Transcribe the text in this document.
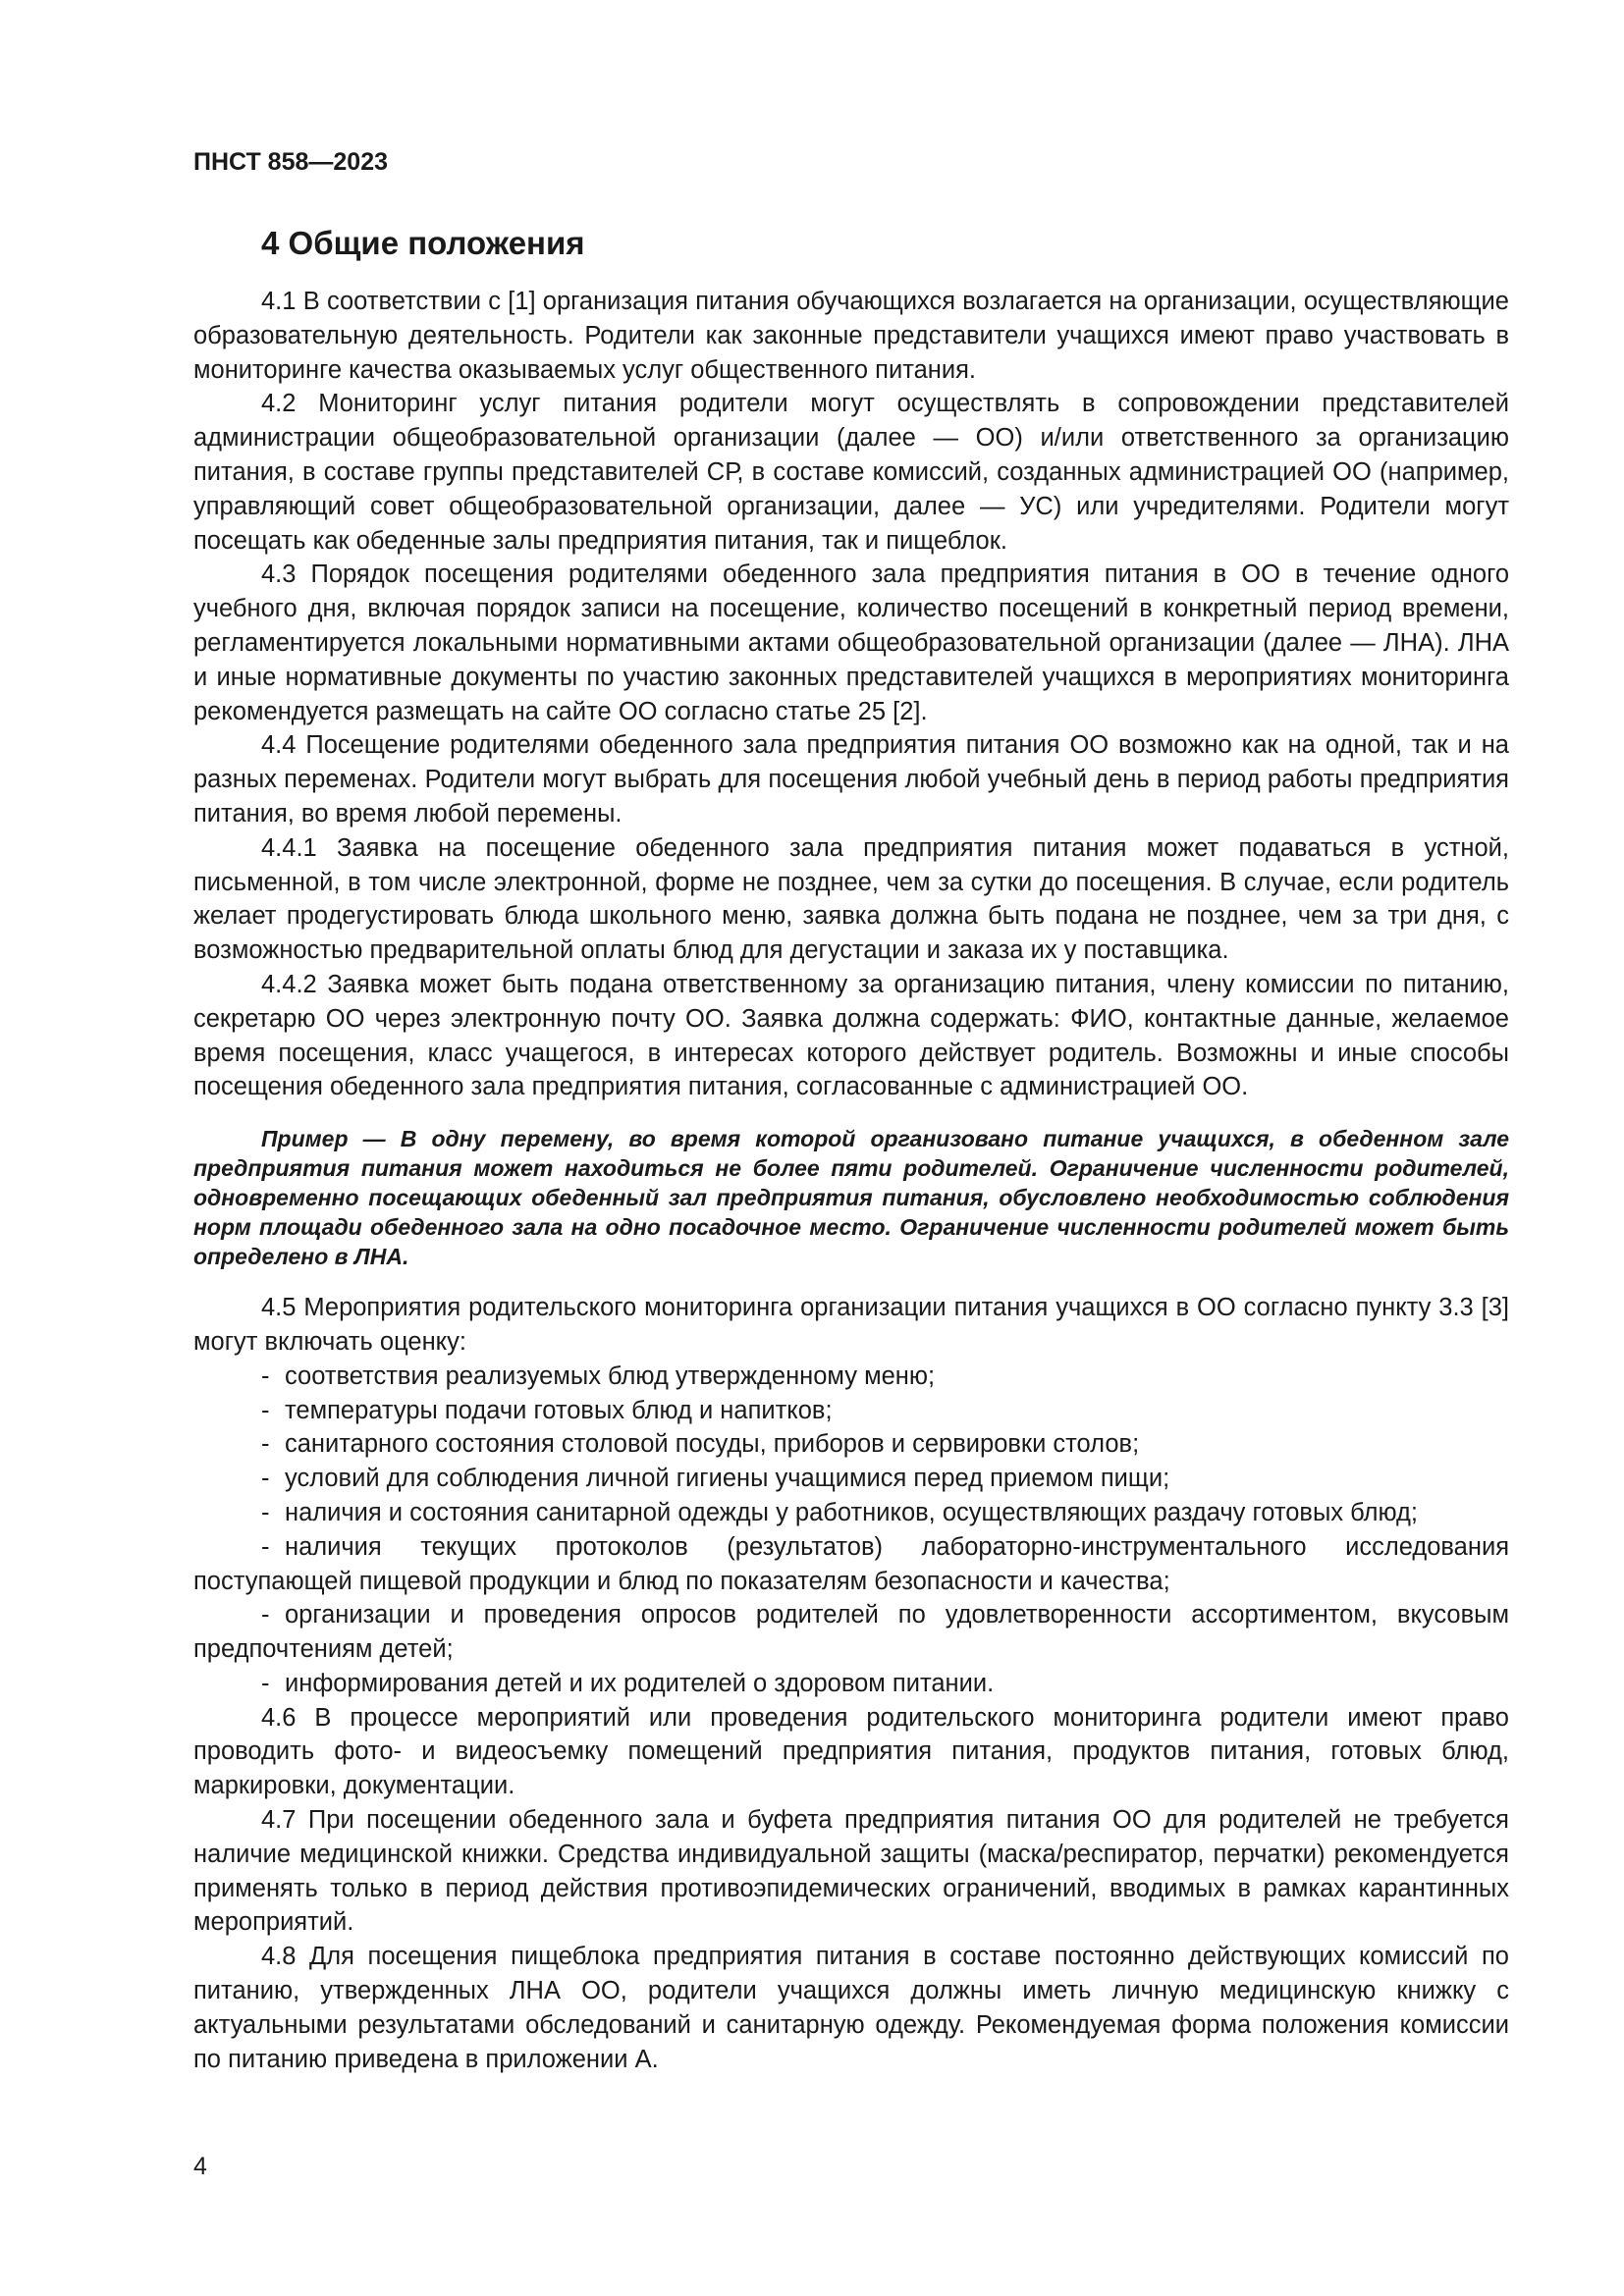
ПНСТ 858—2023

4 Общие положения

4.1 В соответствии с [1] организация питания обучающихся возлагается на организации, осуществляющие образовательную деятельность. Родители как законные представители учащихся имеют право участвовать в мониторинге качества оказываемых услуг общественного питания.

4.2 Мониторинг услуг питания родители могут осуществлять в сопровождении представителей администрации общеобразовательной организации (далее — ОО) и/или ответственного за организацию питания, в составе группы представителей СР, в составе комиссий, созданных администрацией ОО (например, управляющий совет общеобразовательной организации, далее — УС) или учредителями. Родители могут посещать как обеденные залы предприятия питания, так и пищеблок.

4.3 Порядок посещения родителями обеденного зала предприятия питания в ОО в течение одного учебного дня, включая порядок записи на посещение, количество посещений в конкретный период времени, регламентируется локальными нормативными актами общеобразовательной организации (далее — ЛНА). ЛНА и иные нормативные документы по участию законных представителей учащихся в мероприятиях мониторинга рекомендуется размещать на сайте ОО согласно статье 25 [2].

4.4 Посещение родителями обеденного зала предприятия питания ОО возможно как на одной, так и на разных переменах. Родители могут выбрать для посещения любой учебный день в период работы предприятия питания, во время любой перемены.

4.4.1 Заявка на посещение обеденного зала предприятия питания может подаваться в устной, письменной, в том числе электронной, форме не позднее, чем за сутки до посещения. В случае, если родитель желает продегустировать блюда школьного меню, заявка должна быть подана не позднее, чем за три дня, с возможностью предварительной оплаты блюд для дегустации и заказа их у поставщика.

4.4.2 Заявка может быть подана ответственному за организацию питания, члену комиссии по питанию, секретарю ОО через электронную почту ОО. Заявка должна содержать: ФИО, контактные данные, желаемое время посещения, класс учащегося, в интересах которого действует родитель. Возможны и иные способы посещения обеденного зала предприятия питания, согласованные с администрацией ОО.

Пример — В одну перемену, во время которой организовано питание учащихся, в обеденном зале предприятия питания может находиться не более пяти родителей. Ограничение численности родителей, одновременно посещающих обеденный зал предприятия питания, обусловлено необходимостью соблюдения норм площади обеденного зала на одно посадочное место. Ограничение численности родителей может быть определено в ЛНА.

4.5 Мероприятия родительского мониторинга организации питания учащихся в ОО согласно пункту 3.3 [3] могут включать оценку:

- соответствия реализуемых блюд утвержденному меню;
- температуры подачи готовых блюд и напитков;
- санитарного состояния столовой посуды, приборов и сервировки столов;
- условий для соблюдения личной гигиены учащимися перед приемом пищи;
- наличия и состояния санитарной одежды у работников, осуществляющих раздачу готовых блюд;
- наличия текущих протоколов (результатов) лабораторно-инструментального исследования поступающей пищевой продукции и блюд по показателям безопасности и качества;
- организации и проведения опросов родителей по удовлетворенности ассортиментом, вкусовым предпочтениям детей;
- информирования детей и их родителей о здоровом питании.

4.6 В процессе мероприятий или проведения родительского мониторинга родители имеют право проводить фото- и видеосъемку помещений предприятия питания, продуктов питания, готовых блюд, маркировки, документации.

4.7 При посещении обеденного зала и буфета предприятия питания ОО для родителей не требуется наличие медицинской книжки. Средства индивидуальной защиты (маска/респиратор, перчатки) рекомендуется применять только в период действия противоэпидемических ограничений, вводимых в рамках карантинных мероприятий.

4.8 Для посещения пищеблока предприятия питания в составе постоянно действующих комиссий по питанию, утвержденных ЛНА ОО, родители учащихся должны иметь личную медицинскую книжку с актуальными результатами обследований и санитарную одежду. Рекомендуемая форма положения комиссии по питанию приведена в приложении А.

4
